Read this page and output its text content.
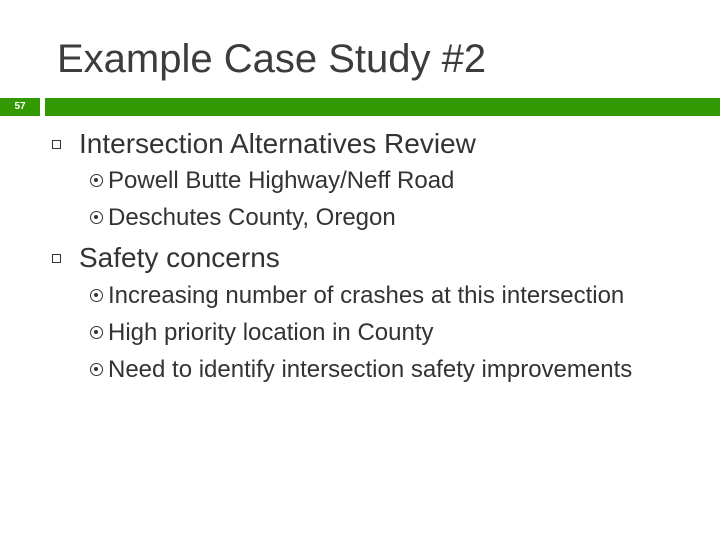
Example Case Study #2
57
Intersection Alternatives Review
Powell Butte Highway/Neff Road
Deschutes County, Oregon
Safety concerns
Increasing number of crashes at this intersection
High priority location in County
Need to identify intersection safety improvements
